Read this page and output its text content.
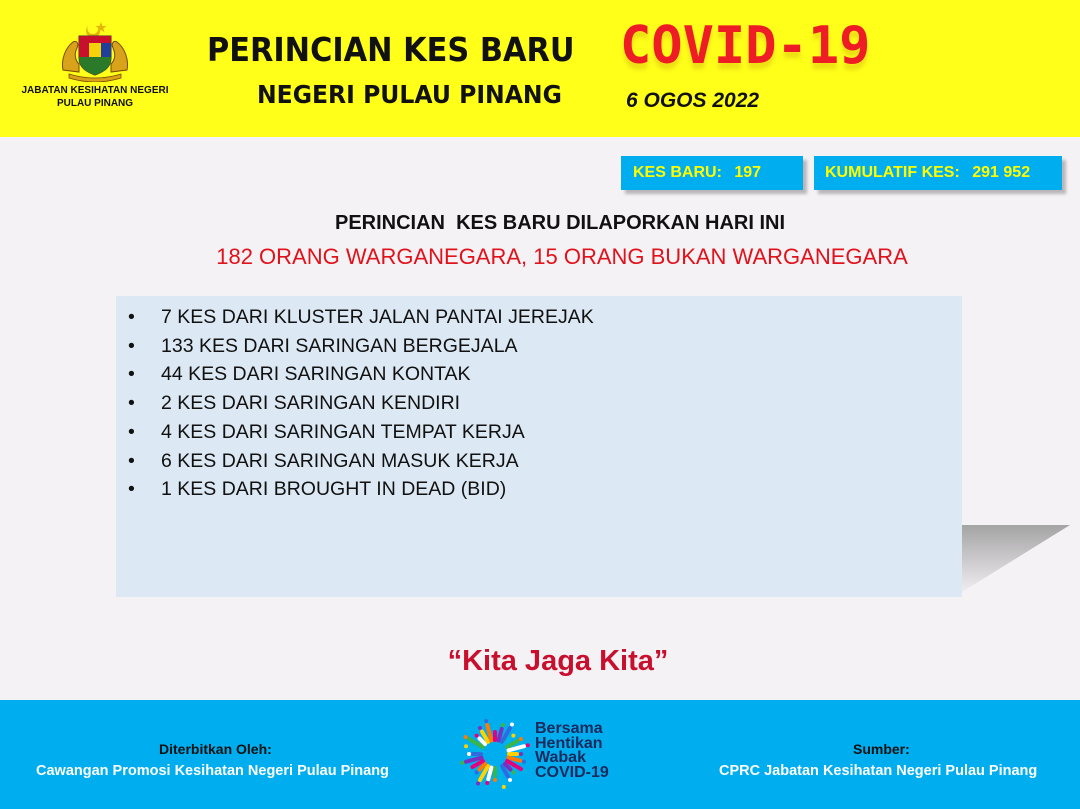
JABATAN KESIHATAN NEGERI
PULAU PINANG
PERINCIAN KES BARU COVID-19
NEGERI PULAU PINANG	6 OGOS 2022
KES BARU: 197	KUMULATIF KES: 291 952
PERINCIAN  KES BARU DILAPORKAN HARI INI
182 ORANG WARGANEGARA, 15 ORANG BUKAN WARGANEGARA
• 7 KES DARI KLUSTER JALAN PANTAI JEREJAK
• 133 KES DARI SARINGAN BERGEJALA
• 44 KES DARI SARINGAN KONTAK
• 2 KES DARI SARINGAN KENDIRI
• 4 KES DARI SARINGAN TEMPAT KERJA
• 6 KES DARI SARINGAN MASUK KERJA
• 1 KES DARI BROUGHT IN DEAD (BID)
“Kita Jaga Kita”
Diterbitkan Oleh:
Cawangan Promosi Kesihatan Negeri Pulau Pinang
Bersama
Hentikan
Wabak
COVID-19
Sumber:
CPRC Jabatan Kesihatan Negeri Pulau Pinang
